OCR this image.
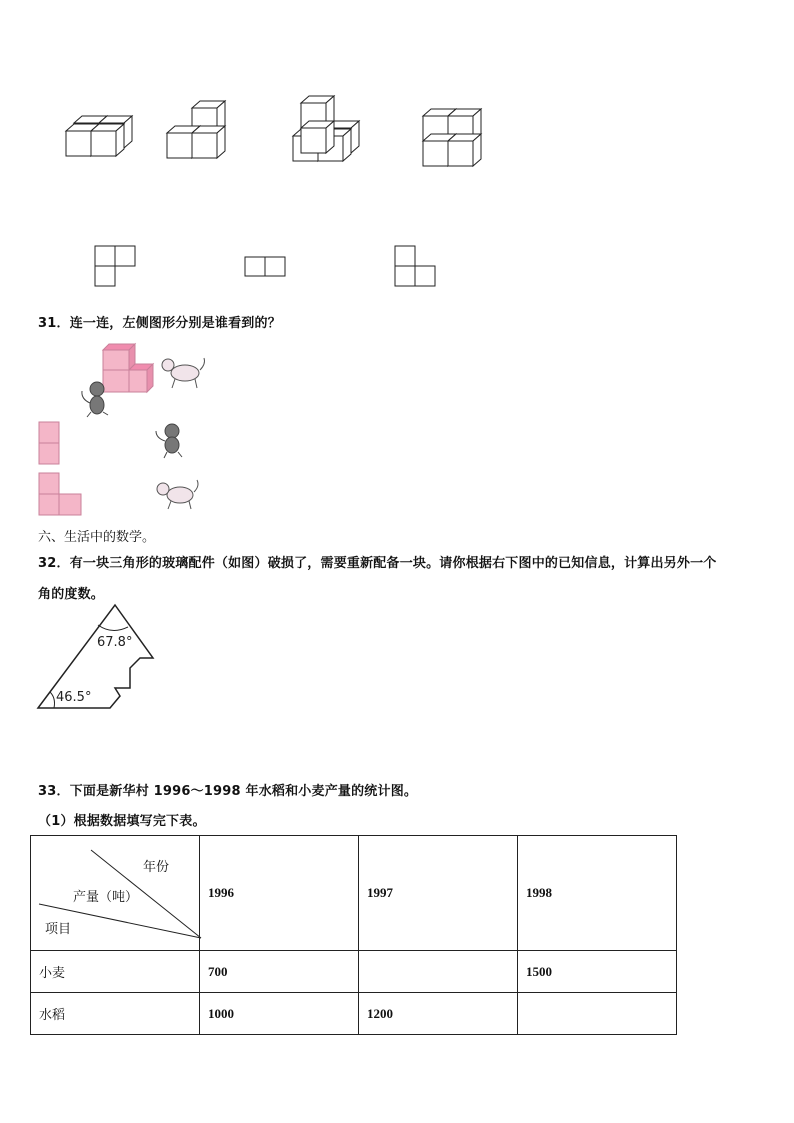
31．连一连，左侧图形分别是谁看到的？
六、生活中的数学。
32．有一块三角形的玻璃配件（如图）破损了，需要重新配备一块。请你根据右下图中的已知信息，计算出另外一个
角的度数。
67.8°
46.5°
33．下面是新华村 1996～1998 年水稻和小麦产量的统计图。
（1）根据数据填写完下表。
年份
产量（吨）
项目	1996	1997	1998
小麦	700		1500
水稻	1000	1200	
